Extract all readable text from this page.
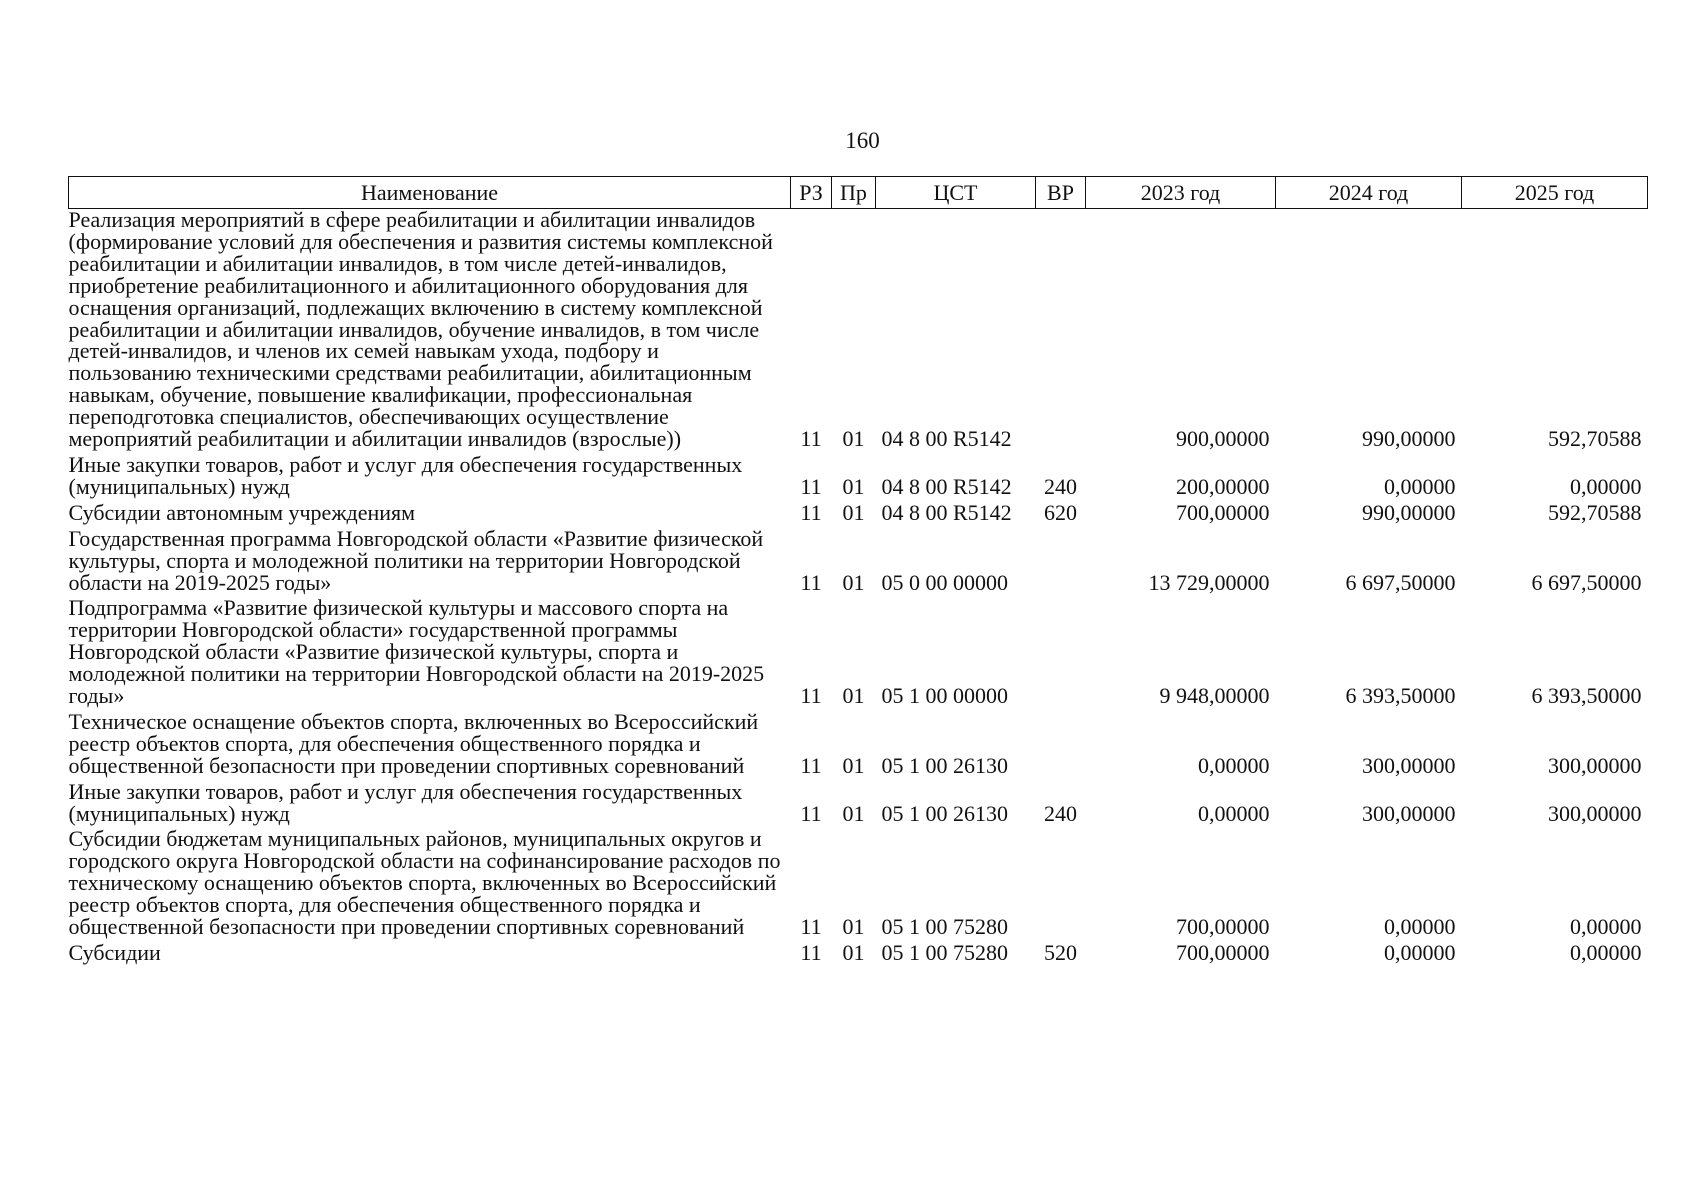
160
Наименование	РЗ	Пр	ЦСТ	ВР	2023 год	2024 год	2025 год
Реализация мероприятий в сфере реабилитации и абилитации инвалидов (формирование условий для обеспечения и развития системы комплексной реабилитации и абилитации инвалидов, в том числе детей-инвалидов, приобретение реабилитационного и абилитационного оборудования для оснащения организаций, подлежащих включению в систему комплексной реабилитации и абилитации инвалидов, обучение инвалидов, в том числе детей-инвалидов, и членов их семей навыкам ухода, подбору и пользованию техническими средствами реабилитации, абилитационным навыкам, обучение, повышение квалификации, профессиональная переподготовка специалистов, обеспечивающих осуществление мероприятий реабилитации и абилитации инвалидов (взрослые))	11	01	04 8 00 R5142		900,00000	990,00000	592,70588
Иные закупки товаров, работ и услуг для обеспечения государственных (муниципальных) нужд	11	01	04 8 00 R5142	240	200,00000	0,00000	0,00000
Субсидии автономным учреждениям	11	01	04 8 00 R5142	620	700,00000	990,00000	592,70588
Государственная программа Новгородской области «Развитие физической культуры, спорта и молодежной политики на территории Новгородской области на 2019-2025 годы»	11	01	05 0 00 00000		13 729,00000	6 697,50000	6 697,50000
Подпрограмма «Развитие физической культуры и массового спорта на территории Новгородской области» государственной программы Новгородской области «Развитие физической культуры, спорта и молодежной политики на территории Новгородской области на 2019-2025 годы»	11	01	05 1 00 00000		9 948,00000	6 393,50000	6 393,50000
Техническое оснащение объектов спорта, включенных во Всероссийский реестр объектов спорта, для обеспечения общественного порядка и общественной безопасности при проведении спортивных соревнований	11	01	05 1 00 26130		0,00000	300,00000	300,00000
Иные закупки товаров, работ и услуг для обеспечения государственных (муниципальных) нужд	11	01	05 1 00 26130	240	0,00000	300,00000	300,00000
Субсидии бюджетам муниципальных районов, муниципальных округов и городского округа Новгородской области на софинансирование расходов по техническому оснащению объектов спорта, включенных во Всероссийский реестр объектов спорта, для обеспечения общественного порядка и общественной безопасности при проведении спортивных соревнований	11	01	05 1 00 75280		700,00000	0,00000	0,00000
Субсидии	11	01	05 1 00 75280	520	700,00000	0,00000	0,00000
